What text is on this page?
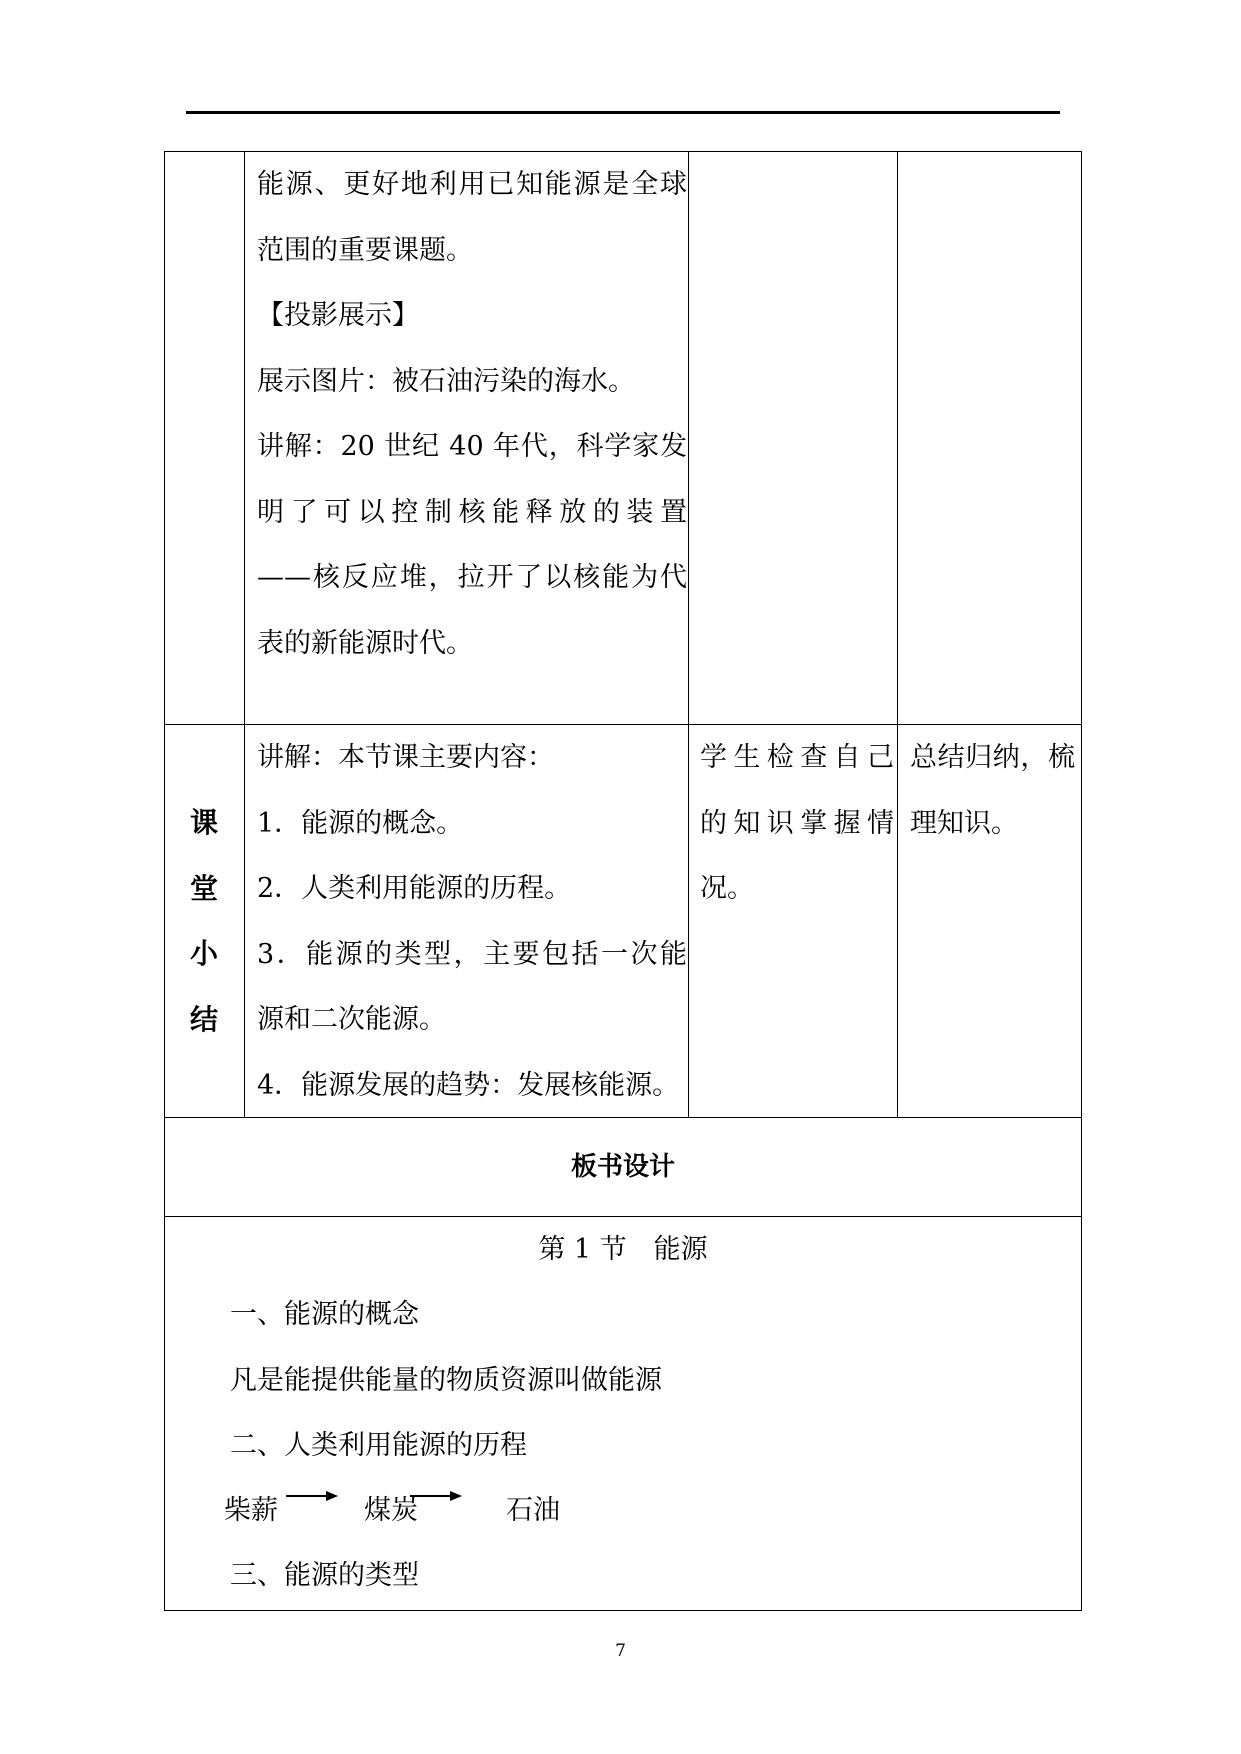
能源、更好地利用已知能源是全球
范围的重要课题。
【投影展示】
展示图片：被石油污染的海水。
讲解：20 世纪 40 年代，科学家发
明了可以控制核能释放的装置
——核反应堆，拉开了以核能为代
表的新能源时代。
课
堂
小
结
讲解：本节课主要内容：
1．能源的概念。
2．人类利用能源的历程。
3．能源的类型，主要包括一次能
源和二次能源。
4．能源发展的趋势：发展核能源。
学生检查自己
的知识掌握情
况。
总结归纳，梳
理知识。
板书设计
第 1 节　能源
一、能源的概念
凡是能提供能量的物质资源叫做能源
二、人类利用能源的历程
柴薪	煤炭	石油
三、能源的类型
7
